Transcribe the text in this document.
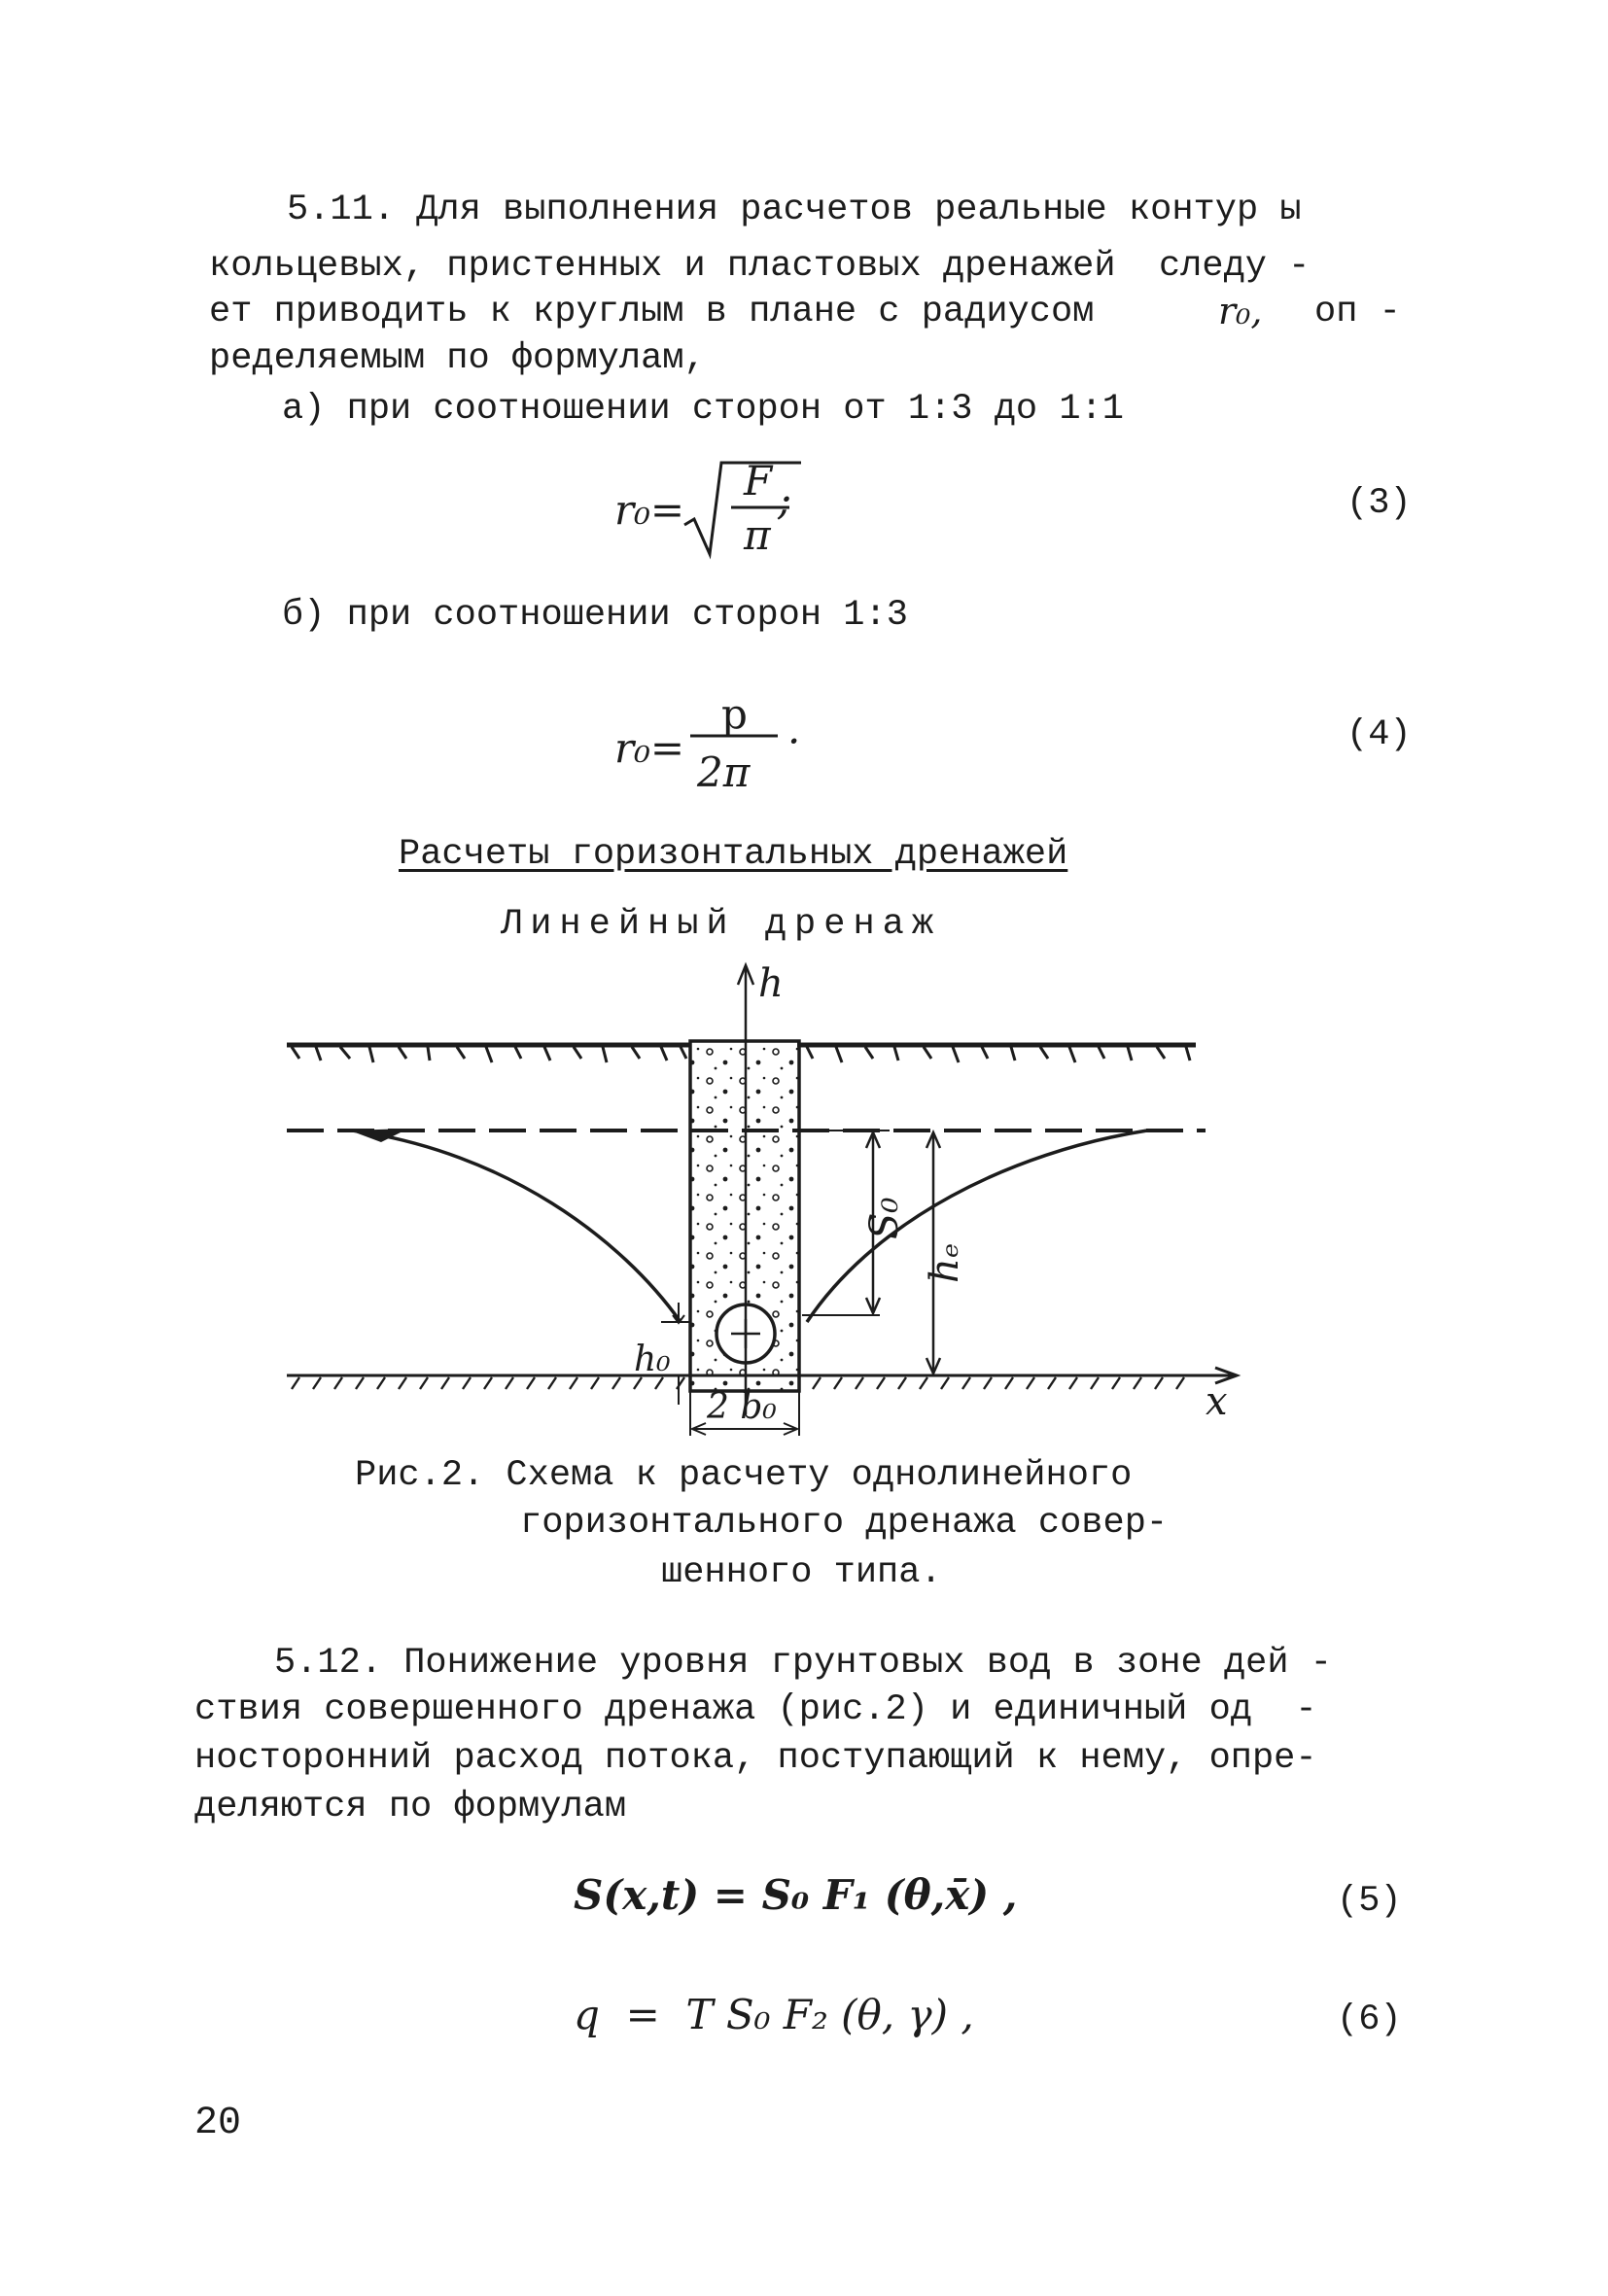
5.11. Для выполнения расчетов реальные контур ы
кольцевых, пристенных и пластовых дренажей  следу -
ет приводить к круглым в плане с радиусом	r₀, оп -
ределяемым по формулам,
а) при соотношении сторон от 1:3 до 1:1
r₀=
F
π
;	(3)
б) при соотношении сторон 1:3
r₀=
p
2π
·	(4)
Расчеты горизонтальных дренажей
Линейный дренаж
h
S₀
hₑ
h₀
2 b₀	x
Рис.2. Схема к расчету однолинейного
горизонтального дренажа совер-
шенного типа.
5.12. Понижение уровня грунтовых вод в зоне дей -
ствия совершенного дренажа (рис.2) и единичный од  -
носторонний расход потока, поступающий к нему, опре-
деляются по формулам
S(x,t) = S₀ F₁ (θ,x̄) ,	(5)
q  =  T S₀ F₂ (θ, γ) ,	(6)
20
